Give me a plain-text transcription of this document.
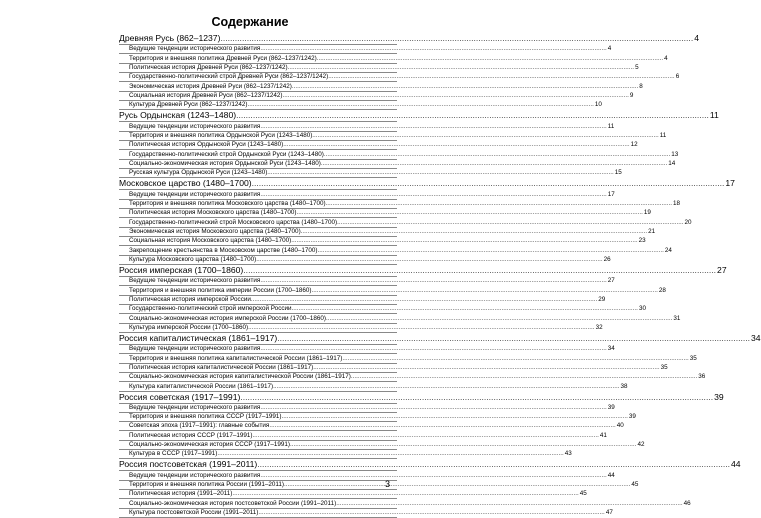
Содержание
Древняя Русь (862–1237) .....	4
Ведущие тенденции исторического развития .....	4
Территория и внешняя политика Древней Руси (862–1237/1242) .....	4
Политическая история Древней Руси (862–1237/1242) .....	5
Государственно-политический строй Древней Руси (862–1237/1242) .....	6
Экономическая история Древней Руси (862–1237/1242) .....	8
Социальная история Древней Руси (862–1237/1242) .....	9
Культура Древней Руси (862–1237/1242) .....	10
Русь Ордынская (1243–1480) .....	11
Ведущие тенденции исторического развития .....	11
Территория и внешняя политика Ордынской Руси (1243–1480) .....	11
Политическая история Ордынской Руси (1243–1480) .....	12
Государственно-политический строй Ордынской Руси (1243–1480) .....	13
Социально-экономическая история Ордынской Руси (1243–1480) .....	14
Русская культура Ордынской Руси (1243–1480) .....	15
Московское царство (1480–1700) .....	17
Ведущие тенденции исторического развития .....	17
Территория и внешняя политика Московского царства (1480–1700) .....	18
Политическая история Московского царства (1480–1700) .....	19
Государственно-политический строй Московского царства (1480–1700) .....	20
Экономическая история Московского царства (1480–1700) .....	21
Социальная история Московского царства (1480–1700) .....	23
Закрепощение крестьянства в Московском царстве (1480–1700) .....	24
Культура Московского царства (1480–1700) .....	26
Россия имперская (1700–1860) .....	27
Ведущие тенденции исторического развития .....	27
Территория и внешняя политика империи России (1700–1860) .....	28
Политическая история имперской России .....	29
Государственно-политический строй имперской России .....	30
Социально-экономическая история имперской России (1700–1860) .....	31
Культура имперской России (1700–1860) .....	32
Россия капиталистическая (1861–1917) .....	34
Ведущие тенденции исторического развития .....	34
Территория и внешняя политика капиталистической России (1861–1917) .....	35
Политическая история капиталистической России (1861–1917) .....	35
Социально-экономическая история капиталистической России (1861–1917) .....	36
Культура капиталистической России (1861–1917) .....	38
Россия советская (1917–1991) .....	39
Ведущие тенденции исторического развития .....	39
Территория и внешняя политика СССР (1917–1991) .....	39
Советская эпоха (1917–1991): главные события .....	40
Политическая история СССР (1917–1991) .....	41
Социально-экономическая история СССР (1917–1991) .....	42
Культура в СССР (1917–1991) .....	43
Россия постсоветская (1991–2011) .....	44
Ведущие тенденции исторического развития .....	44
Территория и внешняя политика России (1991–2011) .....	45
Политическая история (1991–2011) .....	45
Социально-экономическая история постсоветской России (1991–2011) .....	46
Культура постсоветской России (1991–2011) .....	47
3
